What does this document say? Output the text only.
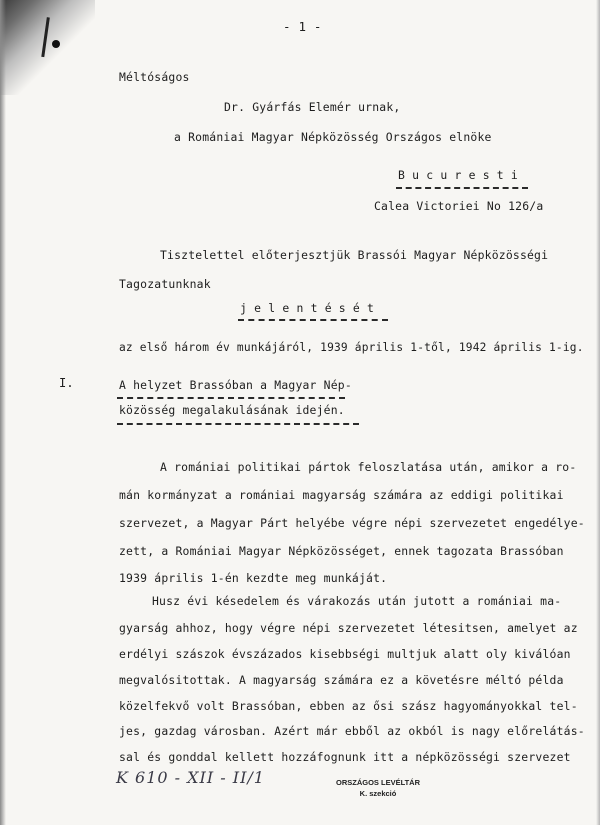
- 1 -
Méltóságos
Dr. Gyárfás Elemér urnak,
a Romániai Magyar Népközösség Országos elnöke
B u c u r e s t i
Calea Victoriei No 126/a
Tisztelettel előterjesztjük Brassói Magyar Népközösségi
Tagozatunknak
j e l e n t é s é t
az első három év munkájáról, 1939 április 1-től, 1942 április 1-ig.
I.	A helyzet Brassóban a Magyar Nép-
közösség megalakulásának idején.
A romániai politikai pártok feloszlatása után, amikor a ro-
mán kormányzat a romániai magyarság számára az eddigi politikai
szervezet, a Magyar Párt helyébe végre népi szervezetet engedélye-
zett, a Romániai Magyar Népközösséget, ennek tagozata Brassóban
1939 április 1-én kezdte meg munkáját.
Husz évi késedelem és várakozás után jutott a romániai ma-
gyarság ahhoz, hogy végre népi szervezetet létesitsen, amelyet az
erdélyi szászok évszázados kisebbségi multjuk alatt oly kiválóan
megvalósitottak. A magyarság számára ez a követésre méltó példa
közelfekvő volt Brassóban, ebben az ősi szász hagyományokkal tel-
jes, gazdag városban. Azért már ebből az okból is nagy előrelátás-
sal és gonddal kellett hozzáfognunk itt a népközösségi szervezet
K 610 - XII - II/1	ORSZÁGOS LEVÉLTÁR
K. szekció
